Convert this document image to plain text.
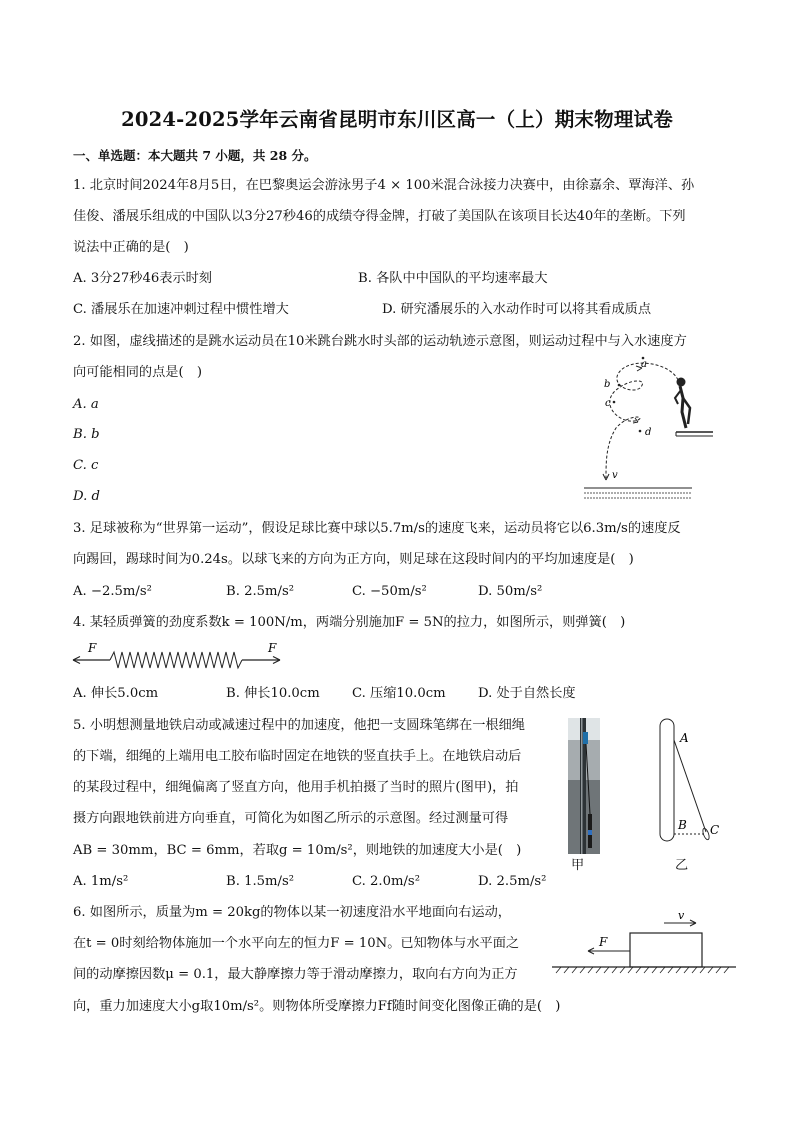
2024-2025学年云南省昆明市东川区高一（上）期末物理试卷
一、单选题：本大题共 7 小题，共 28 分。
1. 北京时间2024年8月5日，在巴黎奥运会游泳男子4 × 100米混合泳接力决赛中，由徐嘉余、覃海洋、孙
佳俊、潘展乐组成的中国队以3分27秒46的成绩夺得金牌，打破了美国队在该项目长达40年的垄断。下列
说法中正确的是(　)
A. 3分27秒46表示时刻	B. 各队中中国队的平均速率最大
C. 潘展乐在加速冲刺过程中惯性增大	D. 研究潘展乐的入水动作时可以将其看成质点
2. 如图，虚线描述的是跳水运动员在10米跳台跳水时头部的运动轨迹示意图，则运动过程中与入水速度方
向可能相同的点是(　)
A. a
B. b
C. c
D. d
a
b
c
d
v
3. 足球被称为“世界第一运动”，假设足球比赛中球以5.7m/s的速度飞来，运动员将它以6.3m/s的速度反
向踢回，踢球时间为0.24s。以球飞来的方向为正方向，则足球在这段时间内的平均加速度是(　)
A. −2.5m/s²	B. 2.5m/s²	C. −50m/s²	D. 50m/s²
4. 某轻质弹簧的劲度系数k = 100N/m，两端分别施加F = 5N的拉力，如图所示，则弹簧(　)
F	F
A. 伸长5.0cm	B. 伸长10.0cm C. 压缩10.0cm D. 处于自然长度
5. 小明想测量地铁启动或减速过程中的加速度，他把一支圆珠笔绑在一根细绳
的下端，细绳的上端用电工胶布临时固定在地铁的竖直扶手上。在地铁启动后
的某段过程中，细绳偏离了竖直方向，他用手机拍摄了当时的照片(图甲)，拍
摄方向跟地铁前进方向垂直，可简化为如图乙所示的示意图。经过测量可得
AB = 30mm，BC = 6mm，若取g = 10m/s²，则地铁的加速度大小是(　)
A. 1m/s²	B. 1.5m/s²	C. 2.0m/s²	D. 2.5m/s²
甲
A
B C
乙
6. 如图所示，质量为m = 20kg的物体以某一初速度沿水平地面向右运动，
在t = 0时刻给物体施加一个水平向左的恒力F = 10N。已知物体与水平面之
间的动摩擦因数μ = 0.1，最大静摩擦力等于滑动摩擦力，取向右方向为正方
向，重力加速度大小g取10m/s²。则物体所受摩擦力Ff随时间变化图像正确的是(　)
v
F
